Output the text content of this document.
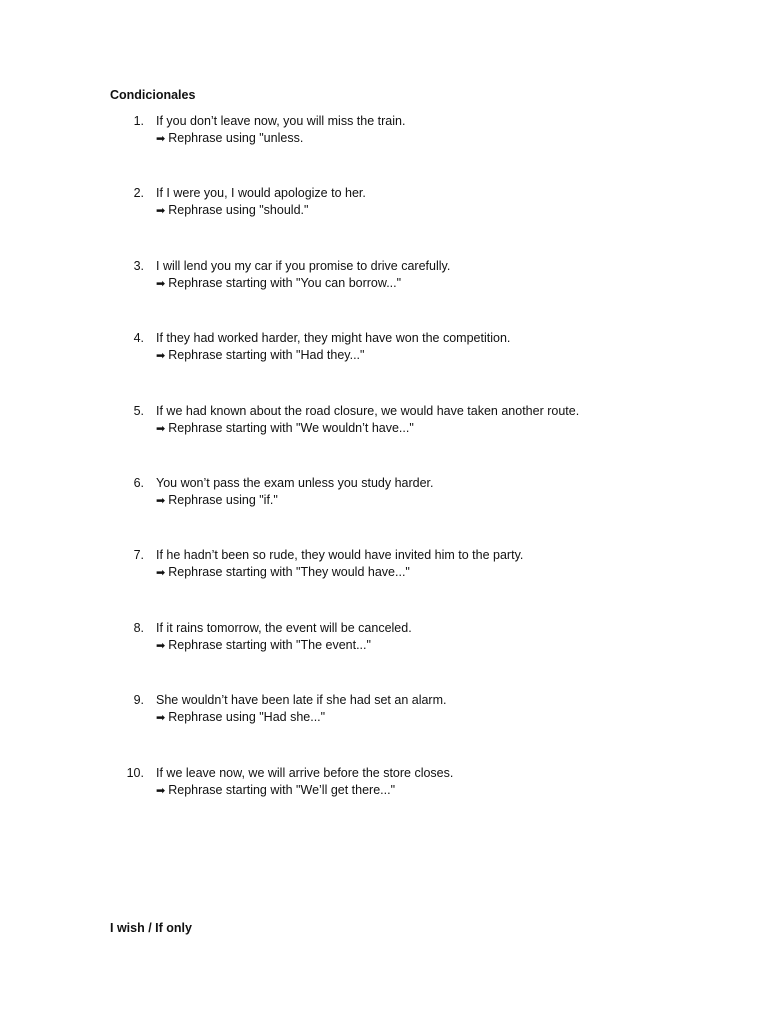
Condicionales
1. If you don’t leave now, you will miss the train.
➡ Rephrase using "unless.
2. If I were you, I would apologize to her.
➡ Rephrase using "should."
3. I will lend you my car if you promise to drive carefully.
➡ Rephrase starting with "You can borrow..."
4. If they had worked harder, they might have won the competition.
➡ Rephrase starting with "Had they..."
5. If we had known about the road closure, we would have taken another route.
➡ Rephrase starting with "We wouldn’t have..."
6. You won’t pass the exam unless you study harder.
➡ Rephrase using "if."
7. If he hadn’t been so rude, they would have invited him to the party.
➡ Rephrase starting with "They would have..."
8. If it rains tomorrow, the event will be canceled.
➡ Rephrase starting with "The event..."
9. She wouldn’t have been late if she had set an alarm.
➡ Rephrase using "Had she..."
10. If we leave now, we will arrive before the store closes.
➡ Rephrase starting with "We’ll get there..."
I wish / If only
